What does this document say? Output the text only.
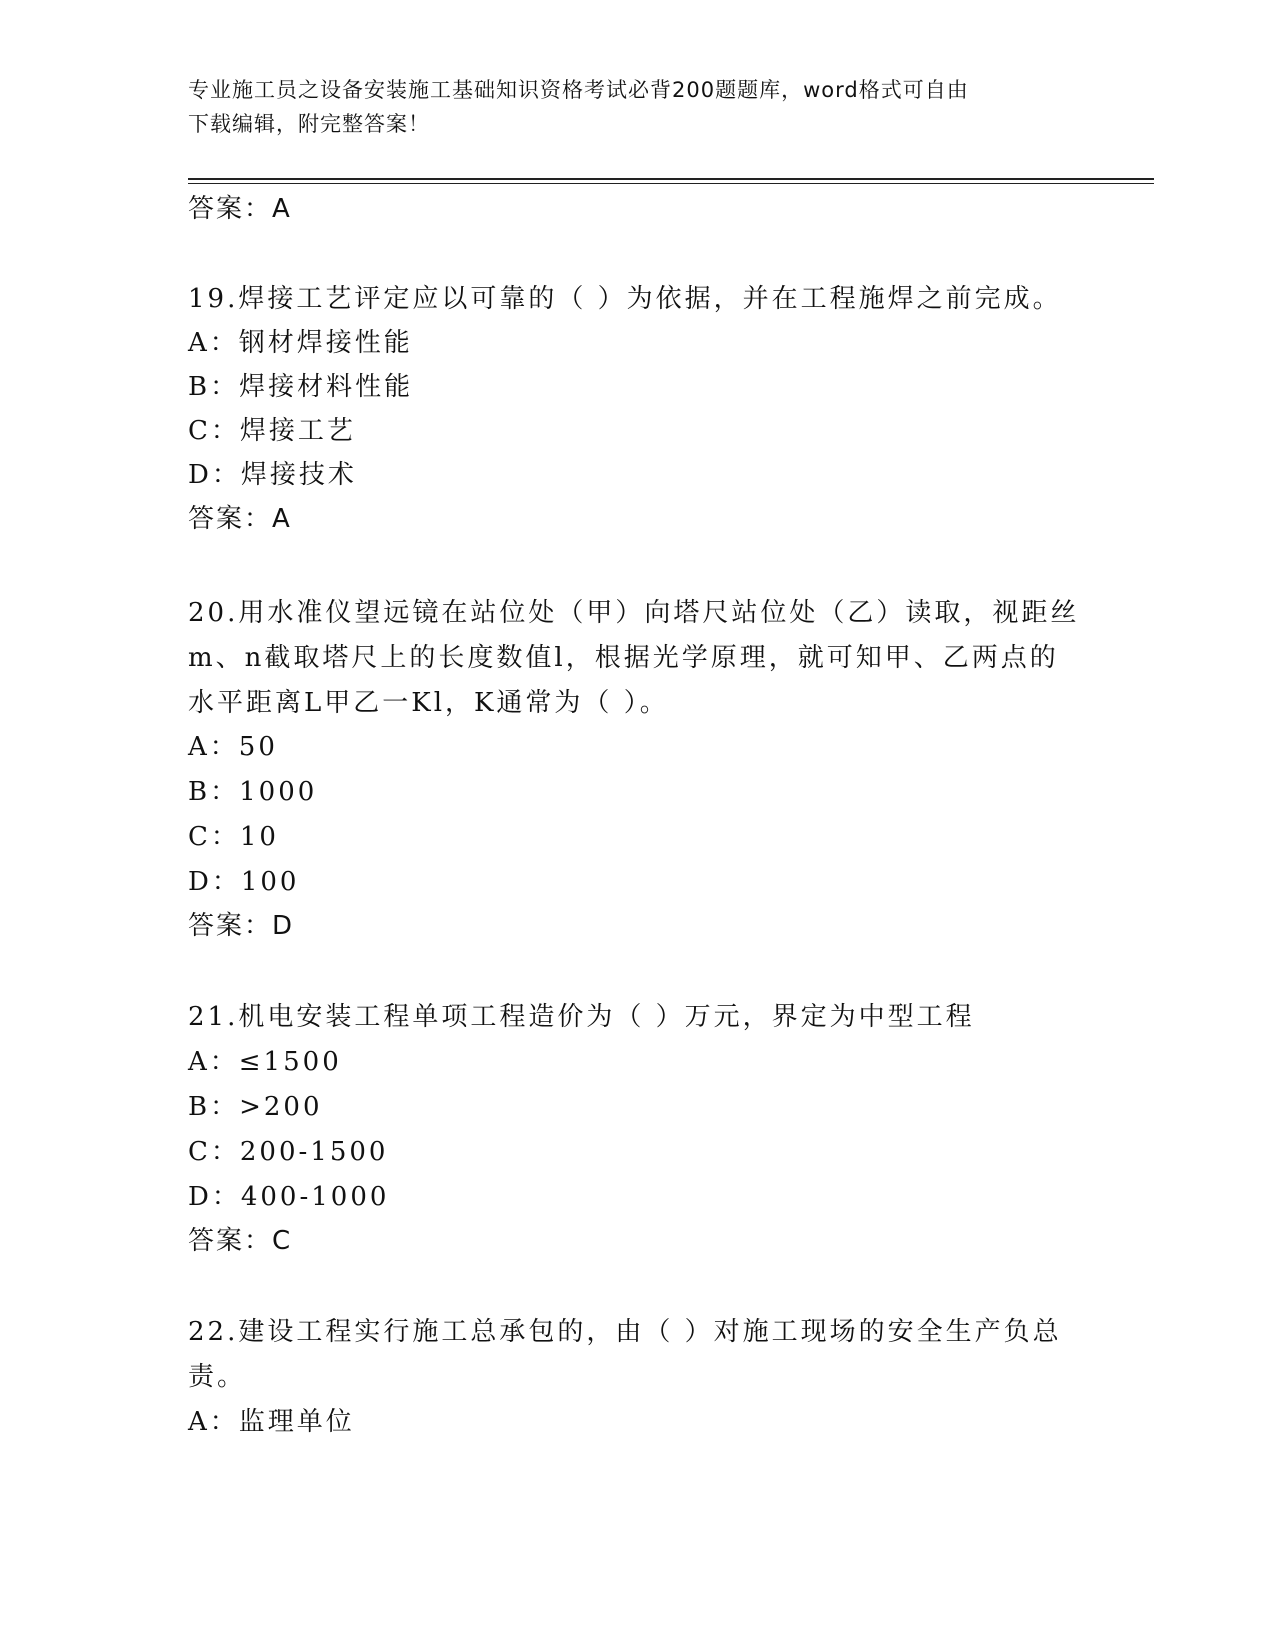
专业施工员之设备安装施工基础知识资格考试必背200题题库，word格式可自由
下载编辑，附完整答案！

答案：A

19.焊接工艺评定应以可靠的（ ）为依据，并在工程施焊之前完成。

A：钢材焊接性能

B：焊接材料性能

C：焊接工艺

D：焊接技术

答案：A

20.用水准仪望远镜在站位处（甲）向塔尺站位处（乙）读取，视距丝

m、n截取塔尺上的长度数值l，根据光学原理，就可知甲、乙两点的

水平距离L甲乙一Kl，K通常为（ ）。

A：50

B：1000

C：10

D：100

答案：D

21.机电安装工程单项工程造价为（ ）万元，界定为中型工程

A：≤1500

B：>200

C：200-1500

D：400-1000

答案：C

22.建设工程实行施工总承包的，由（ ）对施工现场的安全生产负总

责。

A：监理单位
